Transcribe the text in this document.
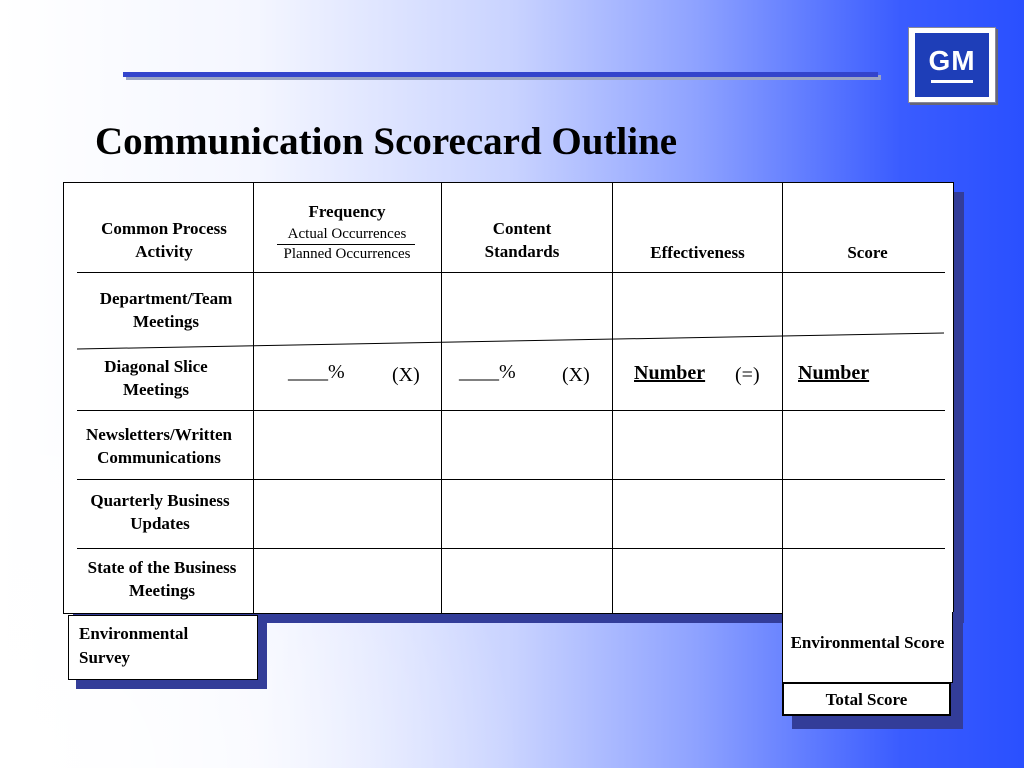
GM
Communication Scorecard Outline
Common Process Activity
Frequency
Actual Occurrences
Planned Occurrences
Content Standards	Effectiveness	Score
Department/Team Meetings
Diagonal Slice Meetings
Newsletters/Written Communications
Quarterly Business Updates
State of the Business Meetings
____% (X) ____% (X) Number (=) Number
Environmental Survey
Environmental Score
Total Score
